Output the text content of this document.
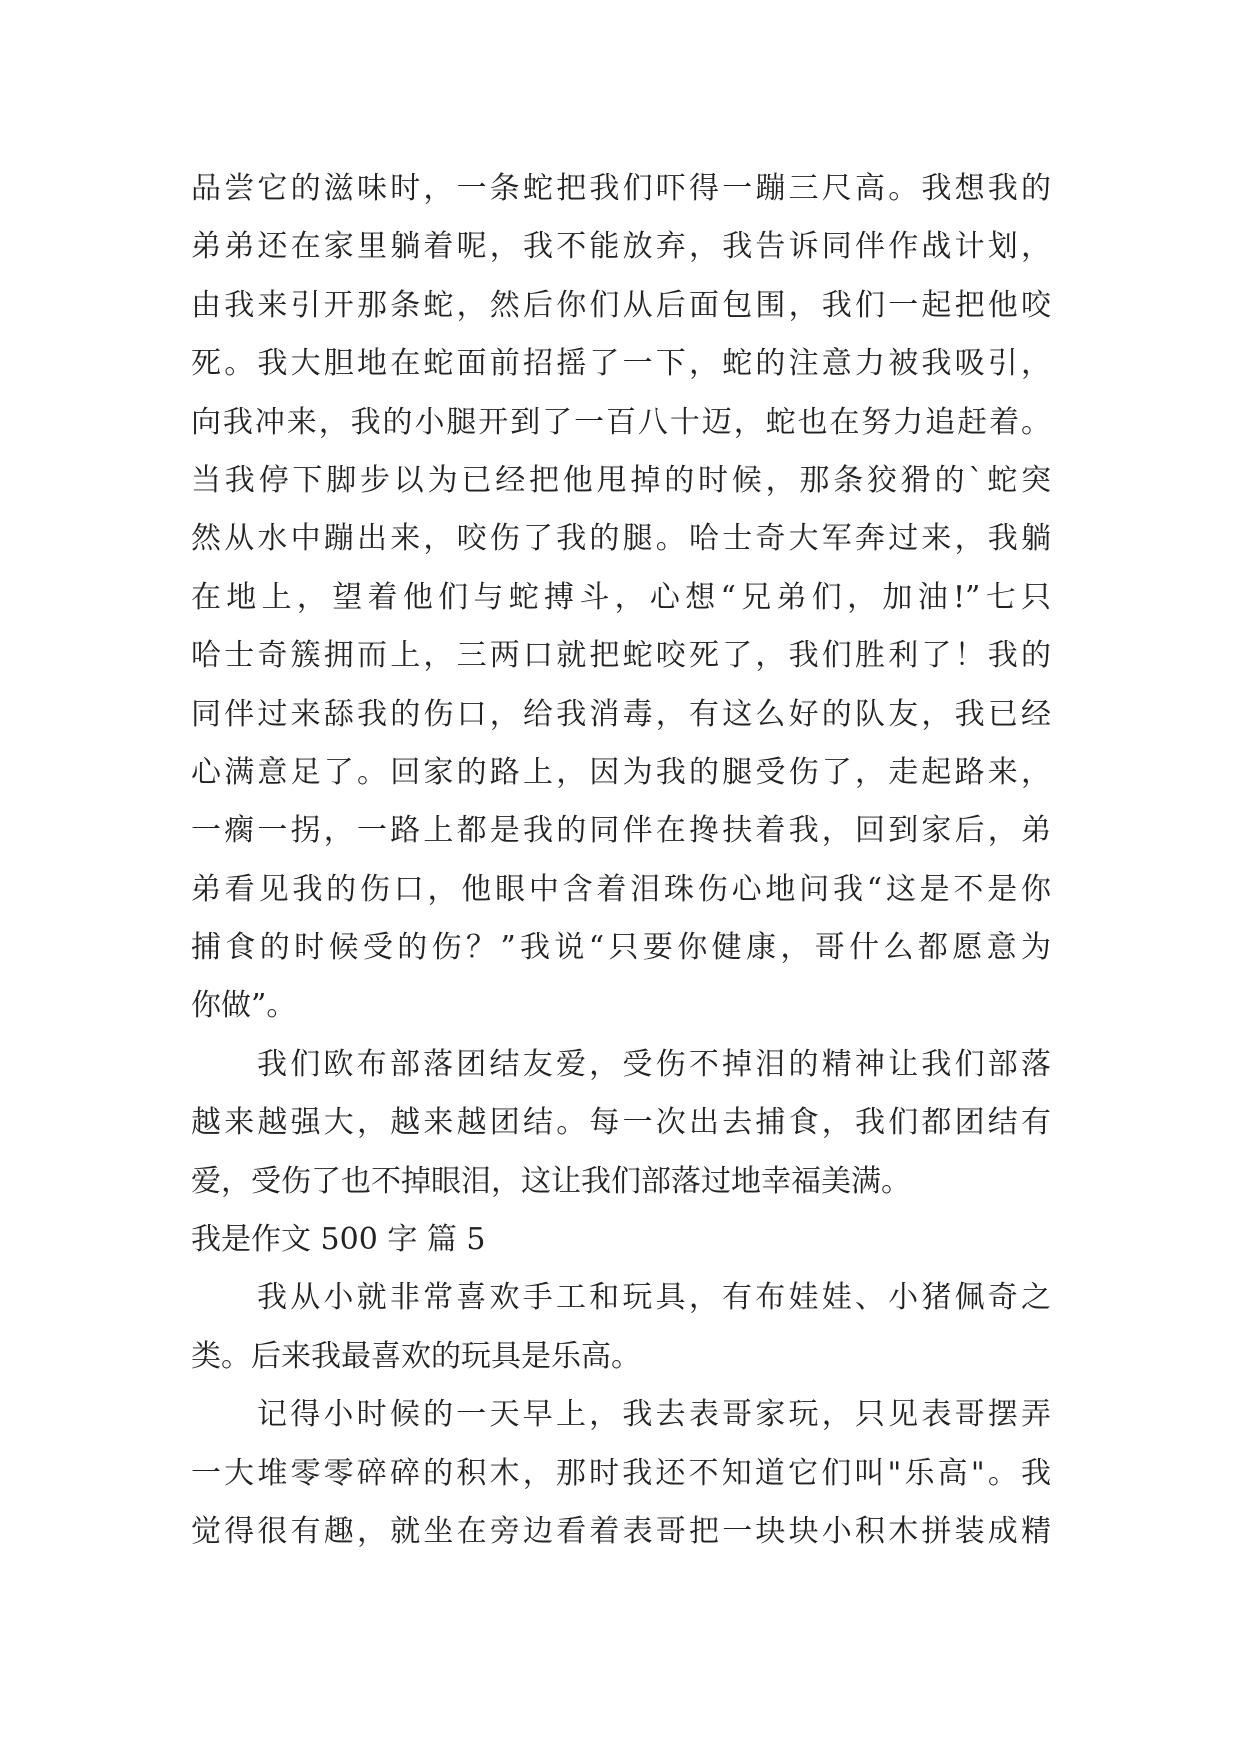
品尝它的滋味时，一条蛇把我们吓得一蹦三尺高。我想我的
弟弟还在家里躺着呢，我不能放弃，我告诉同伴作战计划，
由我来引开那条蛇，然后你们从后面包围，我们一起把他咬
死。我大胆地在蛇面前招摇了一下，蛇的注意力被我吸引，
向我冲来，我的小腿开到了一百八十迈，蛇也在努力追赶着。
当我停下脚步以为已经把他甩掉的时候，那条狡猾的`蛇突
然从水中蹦出来，咬伤了我的腿。哈士奇大军奔过来，我躺
在地上，望着他们与蛇搏斗，心想“兄弟们，加油!”七只
哈士奇簇拥而上，三两口就把蛇咬死了，我们胜利了！我的
同伴过来舔我的伤口，给我消毒，有这么好的队友，我已经
心满意足了。回家的路上，因为我的腿受伤了，走起路来，
一瘸一拐，一路上都是我的同伴在搀扶着我，回到家后，弟
弟看见我的伤口，他眼中含着泪珠伤心地问我“这是不是你
捕食的时候受的伤？”我说“只要你健康，哥什么都愿意为
你做”。
我们欧布部落团结友爱，受伤不掉泪的精神让我们部落
越来越强大，越来越团结。每一次出去捕食，我们都团结有
爱，受伤了也不掉眼泪，这让我们部落过地幸福美满。
我是作文 500 字 篇 5
我从小就非常喜欢手工和玩具，有布娃娃、小猪佩奇之
类。后来我最喜欢的玩具是乐高。
记得小时候的一天早上，我去表哥家玩，只见表哥摆弄
一大堆零零碎碎的积木，那时我还不知道它们叫"乐高"。我
觉得很有趣，就坐在旁边看着表哥把一块块小积木拼装成精
